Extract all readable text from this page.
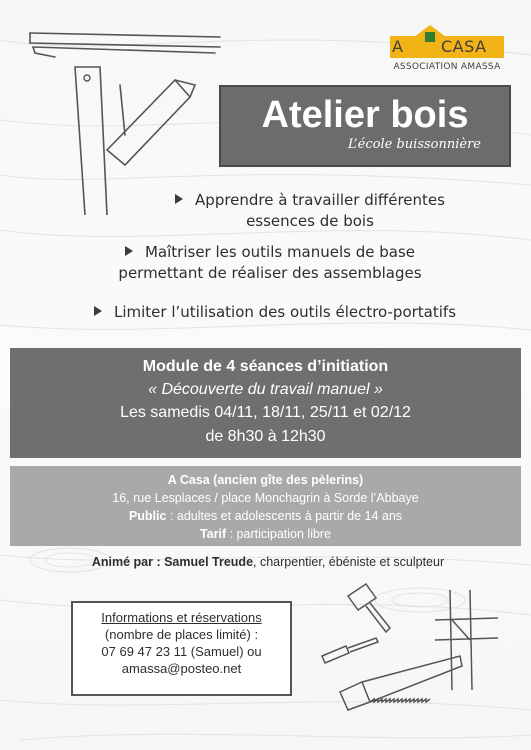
A CASA
ASSOCIATION AMASSA
Atelier bois
L’école buissonnière
Apprendre à travailler différentes
essences de bois
Maîtriser les outils manuels de base
permettant de réaliser des assemblages
Limiter l’utilisation des outils électro-portatifs
Module de 4 séances d’initiation
« Découverte du travail manuel »
Les samedis 04/11, 18/11, 25/11 et 02/12
de 8h30 à 12h30
A Casa (ancien gîte des pèlerins)
16, rue Lesplaces / place Monchagrin à Sorde l’Abbaye
Public : adultes et adolescents à partir de 14 ans
Tarif : participation libre
Animé par : Samuel Treude, charpentier, ébéniste et sculpteur
Informations et réservations
(nombre de places limité) :
07 69 47 23 11 (Samuel) ou
amassa@posteo.net
